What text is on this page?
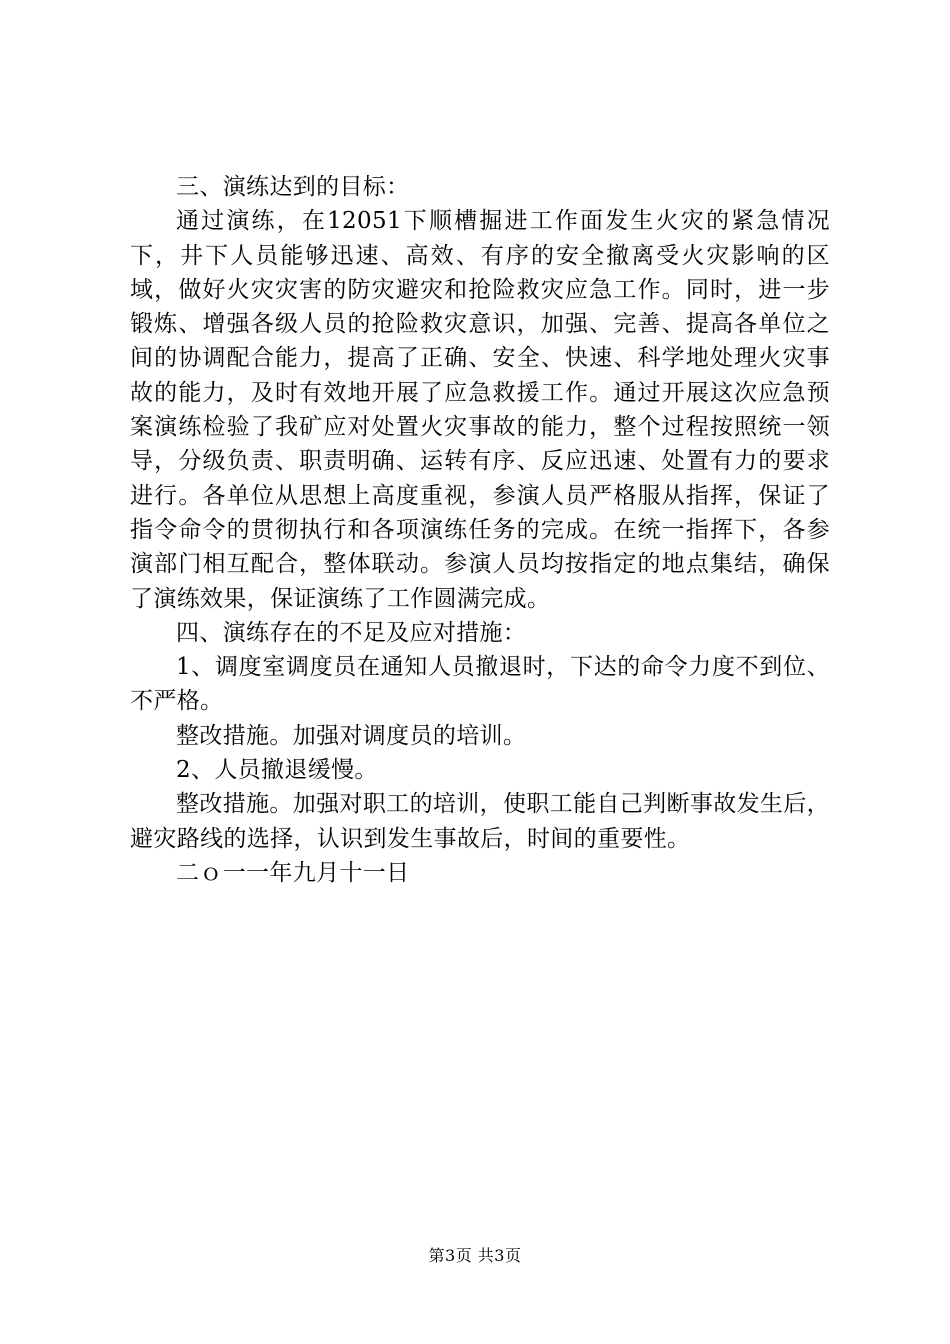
三、演练达到的目标：

通过演练，在12051下顺槽掘进工作面发生火灾的紧急情况下，井下人员能够迅速、高效、有序的安全撤离受火灾影响的区域，做好火灾灾害的防灾避灾和抢险救灾应急工作。同时，进一步锻炼、增强各级人员的抢险救灾意识，加强、完善、提高各单位之间的协调配合能力，提高了正确、安全、快速、科学地处理火灾事故的能力，及时有效地开展了应急救援工作。通过开展这次应急预案演练检验了我矿应对处置火灾事故的能力，整个过程按照统一领导，分级负责、职责明确、运转有序、反应迅速、处置有力的要求进行。各单位从思想上高度重视，参演人员严格服从指挥，保证了指令命令的贯彻执行和各项演练任务的完成。在统一指挥下，各参演部门相互配合，整体联动。参演人员均按指定的地点集结，确保了演练效果，保证演练了工作圆满完成。

四、演练存在的不足及应对措施：

1、调度室调度员在通知人员撤退时，下达的命令力度不到位、不严格。

整改措施。加强对调度员的培训。

2、人员撤退缓慢。

整改措施。加强对职工的培训，使职工能自己判断事故发生后，避灾路线的选择，认识到发生事故后，时间的重要性。

二ｏ一一年九月十一日

第3页 共3页
